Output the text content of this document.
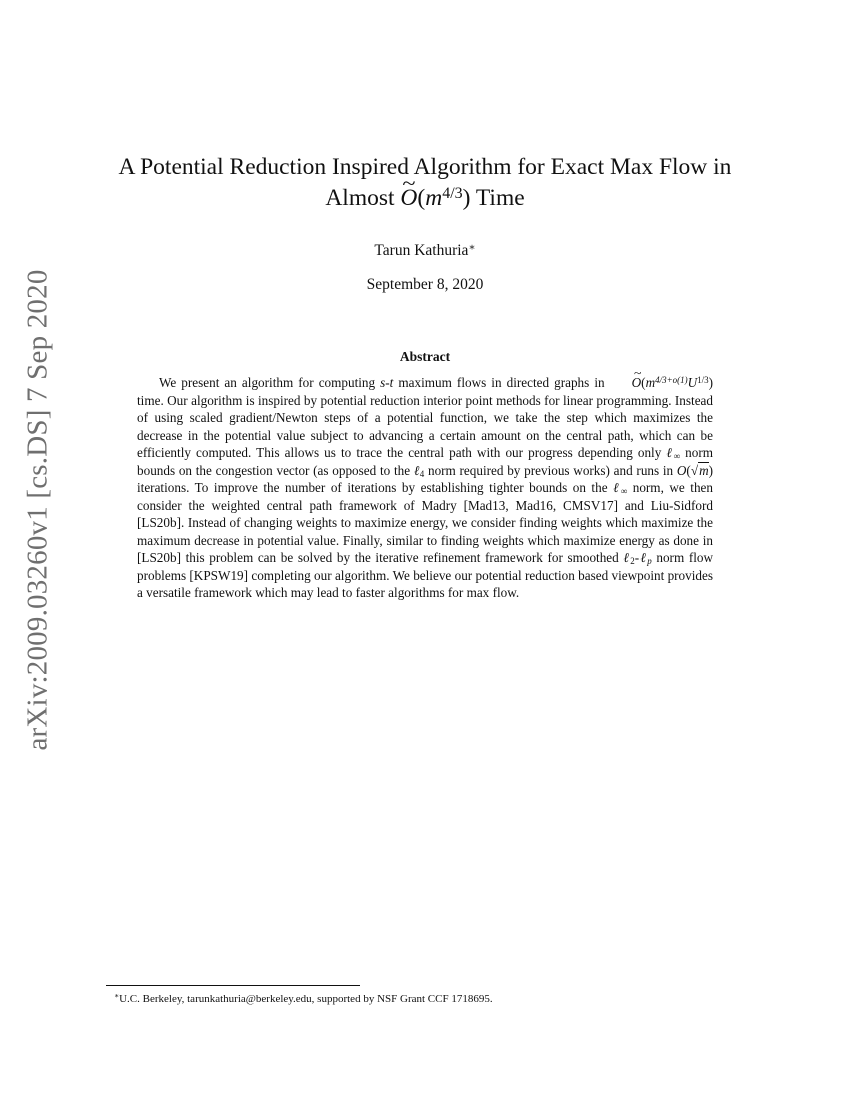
arXiv:2009.03260v1 [cs.DS] 7 Sep 2020
A Potential Reduction Inspired Algorithm for Exact Max Flow in
Almost ~ $O(m^{4/3})$ Time
Tarun Kathuria∗
September 8, 2020
Abstract

We present an algorithm for computing s-t maximum flows in directed graphs in ~ $O(m^{4/3+o(1)}U^{1/3})$ time. Our algorithm is inspired by potential reduction interior point methods for linear programming. Instead of using scaled gradient/Newton steps of a potential function, we take the step which maximizes the decrease in the potential value subject to advancing a certain amount on the central path, which can be efficiently computed. This allows us to trace the central path with our progress depending only ℓ$_\infty$ norm bounds on the congestion vector (as opposed to the ℓ$_4$ norm required by previous works) and runs in O(√m) iterations. To improve the number of iterations by establishing tighter bounds on the ℓ$_\infty$ norm, we then consider the weighted central path framework of Madry [Mad13, Mad16, CMSV17] and Liu-Sidford [LS20b]. Instead of changing weights to maximize energy, we consider finding weights which maximize the maximum decrease in potential value. Finally, similar to finding weights which maximize energy as done in [LS20b] this problem can be solved by the iterative refinement framework for smoothed ℓ$_2$-ℓ$_p$ norm flow problems [KPSW19] completing our algorithm. We believe our potential reduction based viewpoint provides a versatile framework which may lead to faster algorithms for max flow.

∗U.C. Berkeley, tarunkathuria@berkeley.edu, supported by NSF Grant CCF 1718695.
